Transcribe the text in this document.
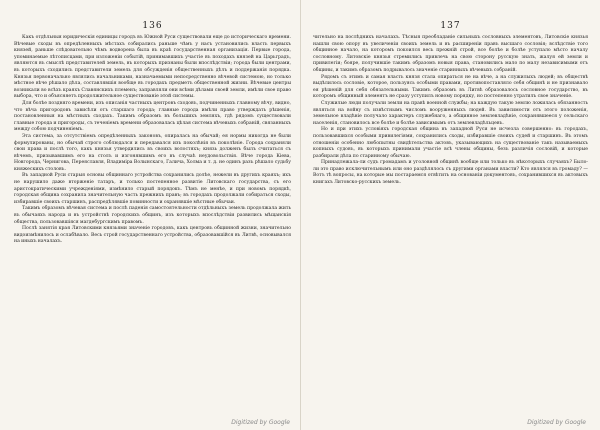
136

Какъ отдѣльныя юридическія единицы городъ въ Южной Руси существовали еще до историческаго времени. Вѣчевые сходы въ опредѣленныхъ мѣстахъ собирались раньше чѣмъ у насъ установились власть первыхъ князей, раньше слѣдовательно чѣмъ водворена была въ краѣ государственная организація. Первые города, упоминаемые лѣтописцами, при изложеніи событій, принимавшихъ участіе въ походахъ князей на Царьградъ, являются въ смыслѣ представителей земель, въ которыхъ признаны были впослѣдствіи; города были центрами, въ которыхъ сходились представители земель для обсужденія общественныхъ дѣлъ и поддержанія порядка. Князья первоначально являлись начальниками, назначаемыми непосредственно вѣчевой системою, но только мѣстное вѣче рѣшало дѣла, составлявшія вообще въ городахъ предметъ общественной жизни. Вѣчевые центры возникали во всѣхъ краяхъ Славянскихъ племенъ; заправляли они всѣми дѣлами своей земли, имѣли свое право выбора, что и объясняетъ продолжительное существованіе этой системы.

Для болѣе поздняго времени, изъ описанія частныхъ центровъ сходовъ, подчиненныхъ главному вѣчу, видно, что вѣча пригородовъ зависѣли отъ старшаго города; главные города имѣли право утверждать рѣшенія, постановленныя на мѣстныхъ сходахъ. Такимъ образомъ въ большихъ земляхъ, гдѣ рядомъ существовали главные города и пригороды, съ теченіемъ времени образовалась цѣлая система вѣчевыхъ собраній, связанныхъ между собою подчиненіемъ.

Эта система, за отсутствіемъ опредѣленныхъ законовъ, опиралась на обычай; ея нормы никогда не были формулированы, но обычай строго соблюдался и передавался изъ поколѣнія въ поколѣніе. Города сохраняли свои права и послѣ того, какъ князья утвердились въ своихъ волостяхъ; князь долженъ былъ считаться съ вѣчемъ, призывавшимъ его на столъ и изгонявшимъ его въ случаѣ неудовольствія. Вѣче города Кіева, Новгорода, Чернигова, Переяславля, Владиміра Волынскаго, Галича, Холма и т. д. не одинъ разъ рѣшало судьбу княжескихъ столовъ.

Въ западной Руси старыя основы общиннаго устройства сохранились долѣе, нежели въ другихъ краяхъ; ихъ не нарушило даже вторженіе татаръ, и только постепенное развитіе Литовскаго государства, съ его аристократическими учрежденіями, измѣнило старый порядокъ. Тѣмъ не менѣе, и при новомъ порядкѣ, городская община сохранила значительную часть прежнихъ правъ; въ городахъ продолжали собираться сходы, избиравшіе своихъ старшинъ, распредѣлявшіе повинности и охранявшіе мѣстные обычаи.

Такимъ образомъ вѣчевая система и послѣ паденія самостоятельности отдѣльныхъ земель продолжала жить въ обычаяхъ народа и въ устройствѣ городскихъ общинъ, изъ которыхъ впослѣдствіи развились мѣщанскія общества, пользовавшіяся магдебургскимъ правомъ.

Послѣ занятія края Литовскими князьями значеніе городовъ, какъ центровъ общинной жизни, значительно видоизмѣнилось и ослабѣвало. Весь строй государственнаго устройства, образовавшійся въ Литвѣ, основывался на иныхъ началахъ.

Digitized by Google
137

чительно на послѣднихъ началахъ. Тѣсныя преобладаніе сильныхъ сословныхъ элементовъ, Литовскіе князья нашли свою опору въ увеличеніи своихъ земель и въ расширеніи правъ высшаго сословія; вслѣдствіе того общинное начало, на которомъ покоился весь прежній строй, все болѣе и болѣе уступало мѣсто началу сословному. Литовскіе князья стремились привлечь на свою сторону русскую знать, жалуя ей земли и привилегіи; бояре, получившіе такимъ образомъ новыя права, становились мало по малу независимыми отъ общины, и такимъ образомъ подрывалось значеніе старинныхъ вѣчевыхъ собраній.

Рядомъ съ этимъ и самая власть князя стала опираться не на вѣче, а на служилыхъ людей; въ обществѣ выдѣлилось сословіе, которое, пользуясь особыми правами, противопоставляло себя общинѣ и не признавало ея рѣшеній для себя обязательными. Такимъ образомъ въ Литвѣ образовалось сословное государство, въ которомъ общинный элементъ не сразу уступилъ новому порядку, но постепенно утратилъ свое значеніе.

Служилые люди получали земли на правѣ военной службы; на каждую такую землю ложилась обязанность являться на войну съ извѣстнымъ числомъ вооруженныхъ людей. Въ зависимости отъ этого положенія, земельное владѣніе получало характеръ служебнаго, а общинное землевладѣніе, сохранявшееся у сельскаго населенія, становилось все болѣе и болѣе зависимымъ отъ землевладѣльцевъ.

Но и при этихъ условіяхъ городская община въ западной Руси не исчезла совершенно: въ городахъ, пользовавшихся особыми привилегіями, сохранились сходы, избиравшіе своихъ судей и старшинъ. Въ этомъ отношеніи особенно любопытны свидѣтельства актовъ, указывающихъ на существованіе такъ называемыхъ копныхъ судовъ, въ которыхъ принимали участіе всѣ члены общины, безъ различія сословій, и которые разбирали дѣла по старинному обычаю.

Принадлежала-ли судъ громадамъ и уголовной общинѣ вообще или только въ нѣкоторыхъ случаяхъ? Было-ли это право исключительнымъ или оно раздѣлялось съ другими органами власти? Кто являлся въ громаду? — Вотъ тѣ вопросы, на которые мы постараемся отвѣтить на основаніи документовъ, сохранившихся въ актовыхъ книгахъ Литовско-русскихъ земель.

Digitized by Google
